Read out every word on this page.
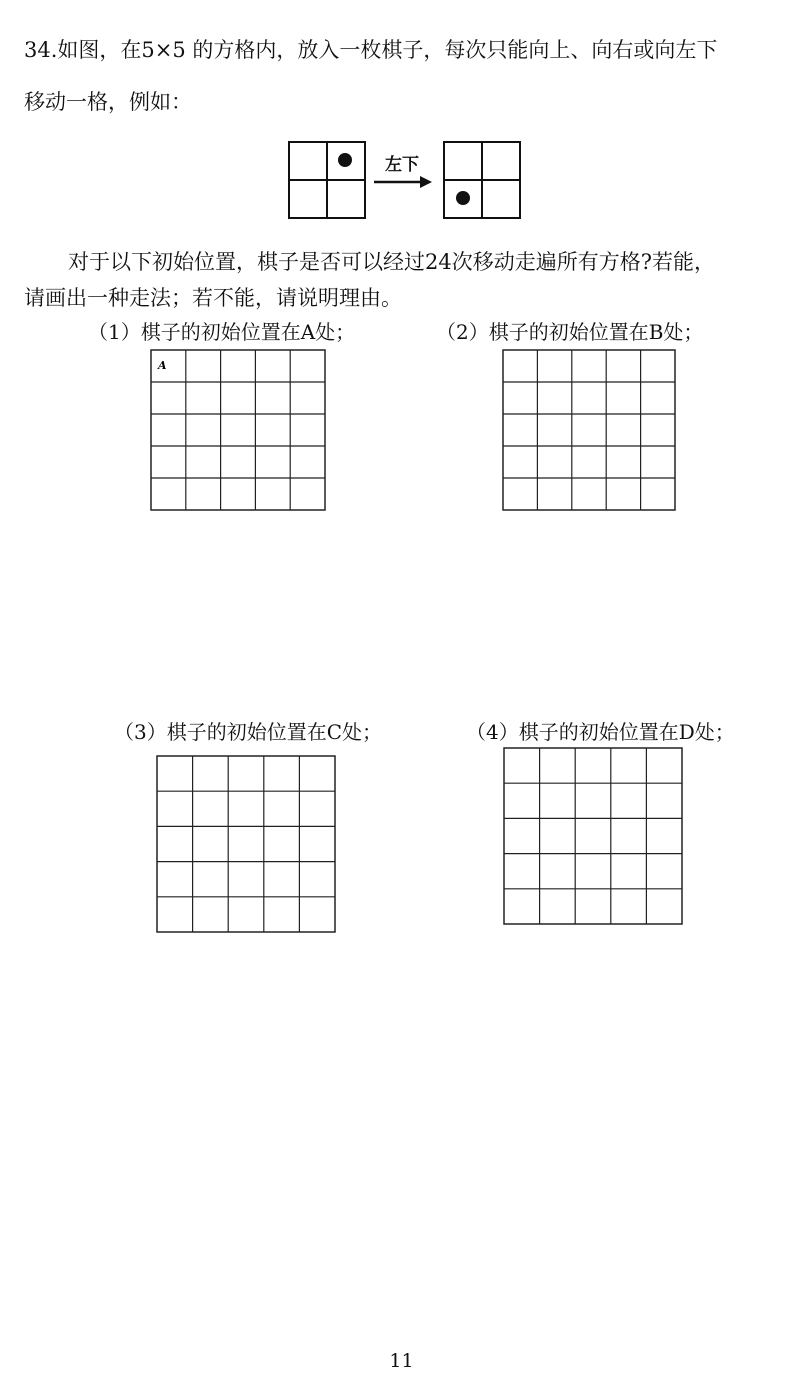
34.如图，在5×5 的方格内，放入一枚棋子，每次只能向上、向右或向左下
移动一格，例如：
左下
对于以下初始位置，棋子是否可以经过24次移动走遍所有方格?若能，
请画出一种走法；若不能，请说明理由。
（1）棋子的初始位置在A处；	（2）棋子的初始位置在B处；
A
（3）棋子的初始位置在C处；	（4）棋子的初始位置在D处；
11
